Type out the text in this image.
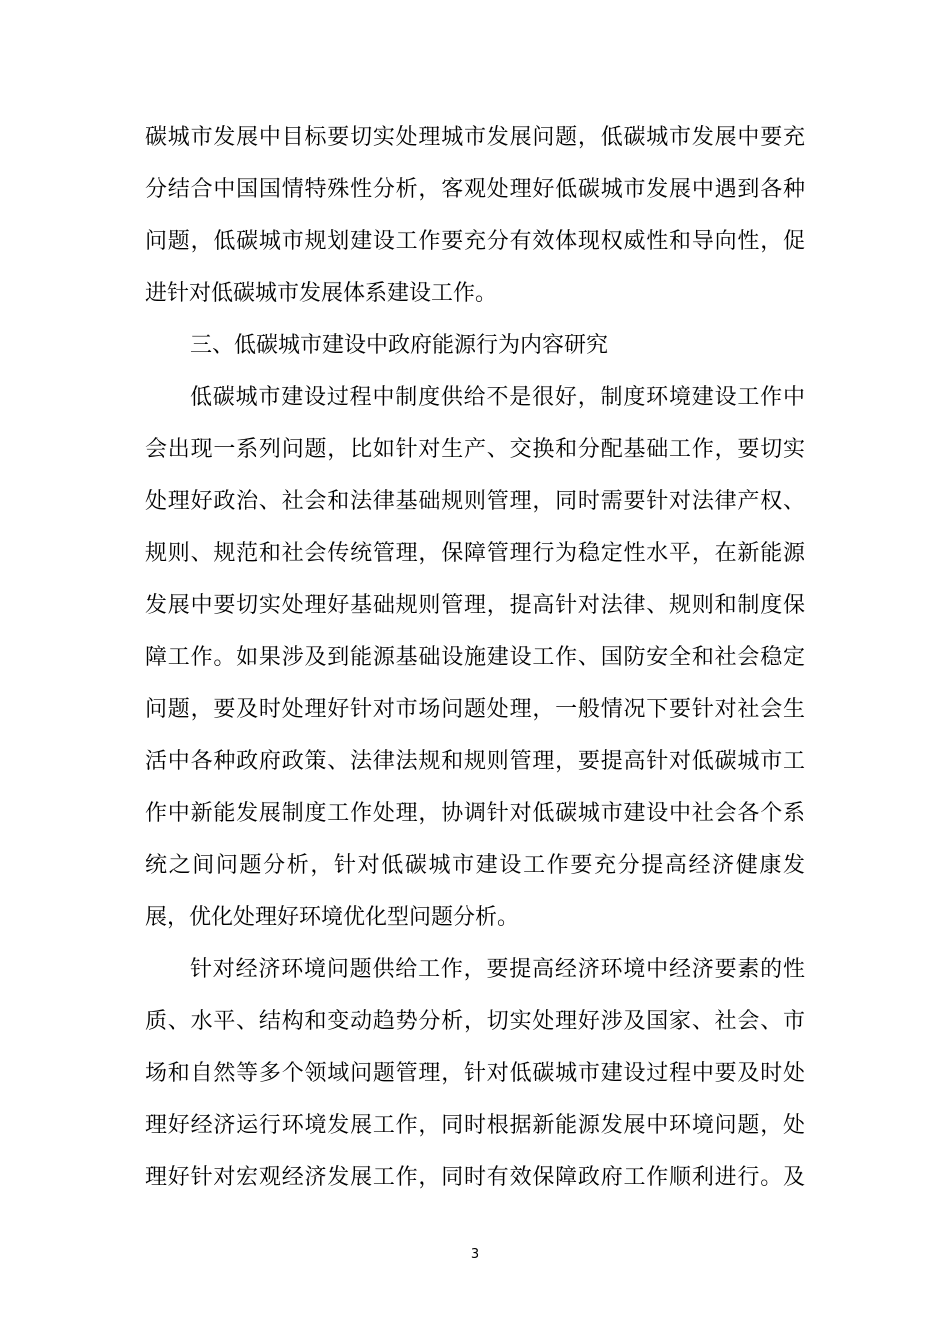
碳城市发展中目标要切实处理城市发展问题，低碳城市发展中要充
分结合中国国情特殊性分析，客观处理好低碳城市发展中遇到各种
问题，低碳城市规划建设工作要充分有效体现权威性和导向性，促
进针对低碳城市发展体系建设工作。
三、低碳城市建设中政府能源行为内容研究
低碳城市建设过程中制度供给不是很好，制度环境建设工作中
会出现一系列问题，比如针对生产、交换和分配基础工作，要切实
处理好政治、社会和法律基础规则管理，同时需要针对法律产权、
规则、规范和社会传统管理，保障管理行为稳定性水平，在新能源
发展中要切实处理好基础规则管理，提高针对法律、规则和制度保
障工作。如果涉及到能源基础设施建设工作、国防安全和社会稳定
问题，要及时处理好针对市场问题处理，一般情况下要针对社会生
活中各种政府政策、法律法规和规则管理，要提高针对低碳城市工
作中新能发展制度工作处理，协调针对低碳城市建设中社会各个系
统之间问题分析，针对低碳城市建设工作要充分提高经济健康发
展，优化处理好环境优化型问题分析。
针对经济环境问题供给工作，要提高经济环境中经济要素的性
质、水平、结构和变动趋势分析，切实处理好涉及国家、社会、市
场和自然等多个领域问题管理，针对低碳城市建设过程中要及时处
理好经济运行环境发展工作，同时根据新能源发展中环境问题，处
理好针对宏观经济发展工作，同时有效保障政府工作顺利进行。及
3
